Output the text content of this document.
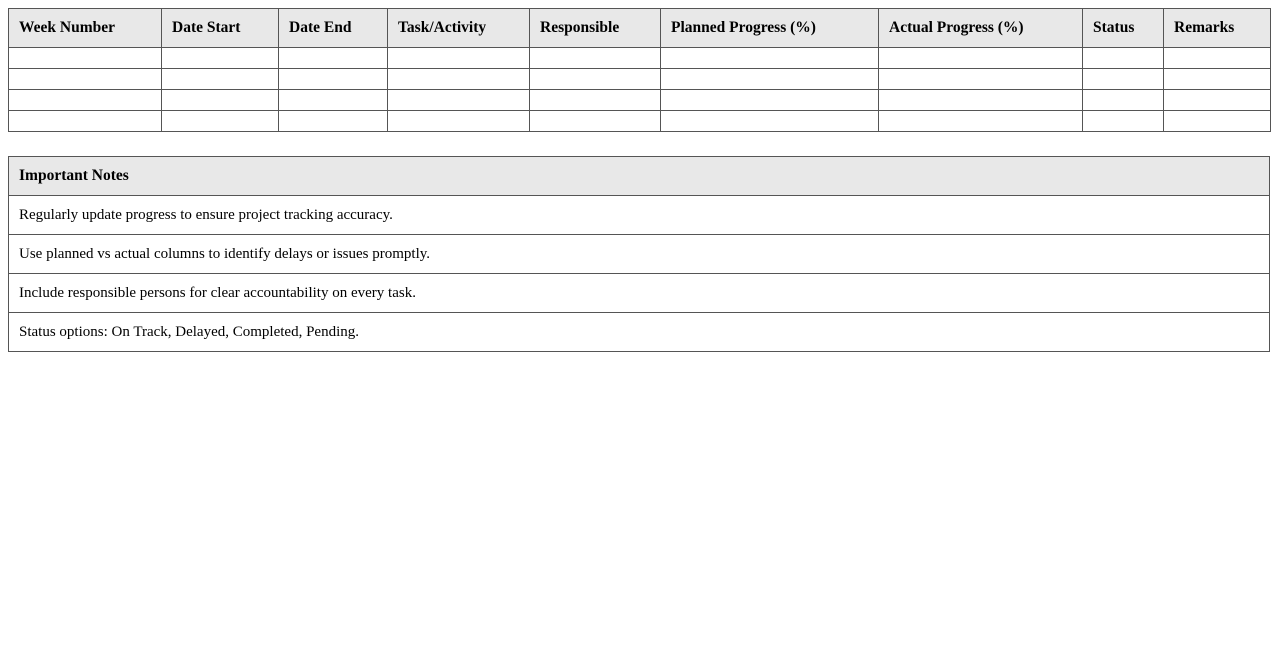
Week Number	Date Start	Date End	Task/Activity	Responsible	Planned Progress (%)	Actual Progress (%)	Status	Remarks

Important Notes
Regularly update progress to ensure project tracking accuracy.
Use planned vs actual columns to identify delays or issues promptly.
Include responsible persons for clear accountability on every task.
Status options: On Track, Delayed, Completed, Pending.
